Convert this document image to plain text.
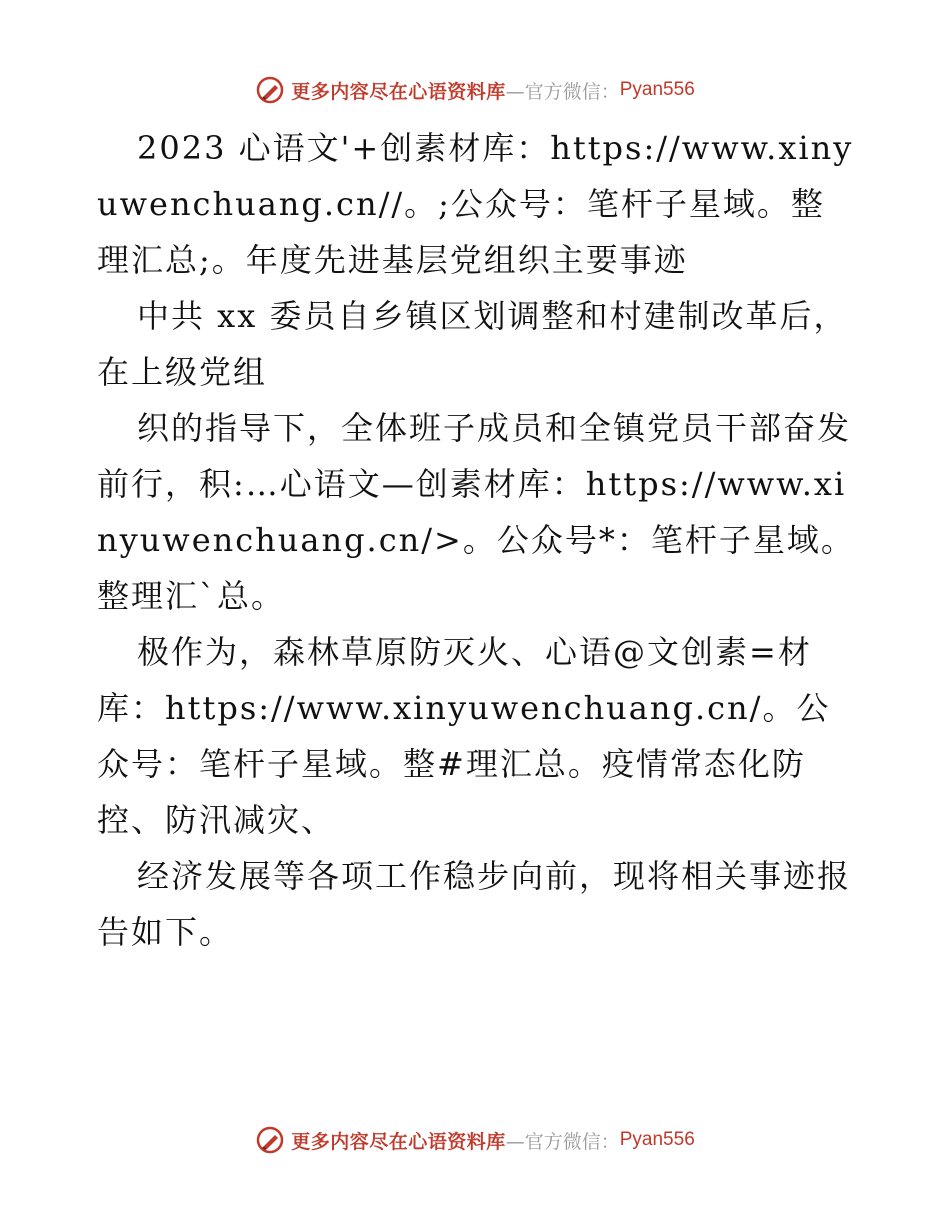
更多内容尽在心语资料库 —官方微信： Pyan556

2023 心语文'+创素材库：https://www.xinyuwenchuang.cn//。;公众号：笔杆子星域。整理汇总;。年度先进基层党组织主要事迹

中共 xx 委员自乡镇区划调整和村建制改革后，在上级党组

织的指导下，全体班子成员和全镇党员干部奋发前行，积:…心语文—创素材库：https://www.xinyuwenchuang.cn/>。公众号*：笔杆子星域。整理汇`总。

极作为，森林草原防灭火、心语@文创素=材库：https://www.xinyuwenchuang.cn/。公众号：笔杆子星域。整#理汇总。疫情常态化防控、防汛减灾、

经济发展等各项工作稳步向前，现将相关事迹报告如下。

更多内容尽在心语资料库 —官方微信： Pyan556
